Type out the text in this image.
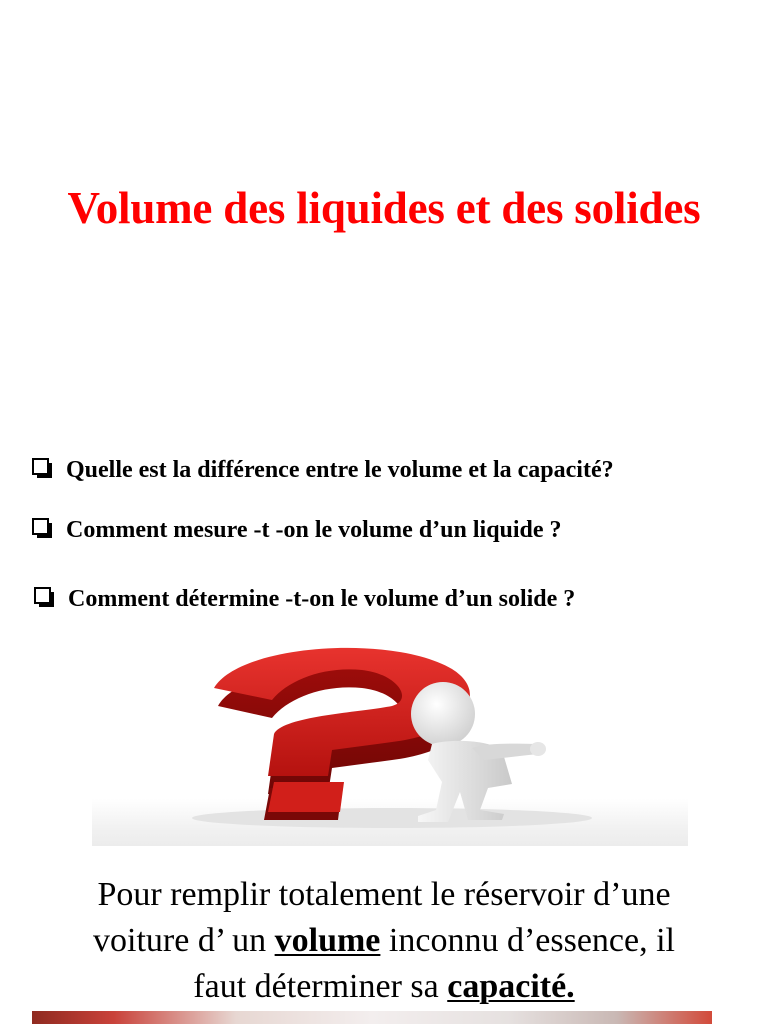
Volume des liquides et des solides
Quelle est la différence entre le volume et la capacité?
Comment mesure -t -on le volume d’un liquide ?
Comment détermine -t-on le volume d’un solide ?

Pour remplir totalement le réservoir d’une
voiture d’ un volume inconnu d’essence, il
faut déterminer sa capacité.
